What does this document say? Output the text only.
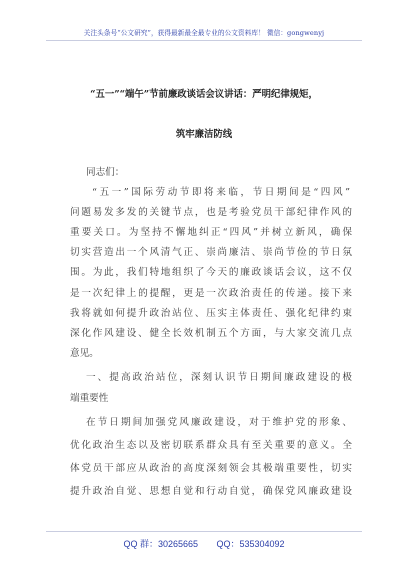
关注头条号“公文研究”，获得最新最全最专业的公文资料库！ 微信：gongwenyj
“五一”“端午”节前廉政谈话会议讲话：严明纪律规矩，
筑牢廉洁防线
同志们：
“五一”国际劳动节即将来临，节日期间是“四风”
问题易发多发的关键节点，也是考验党员干部纪律作风的
重要关口。为坚持不懈地纠正“四风”并树立新风，确保
切实营造出一个风清气正、崇尚廉洁、崇尚节俭的节日氛
围。为此，我们特地组织了今天的廉政谈话会议，这不仅
是一次纪律上的提醒，更是一次政治责任的传递。接下来
我将就如何提升政治站位、压实主体责任、强化纪律约束
深化作风建设、健全长效机制五个方面，与大家交流几点
意见。
一、提高政治站位，深刻认识节日期间廉政建设的极
端重要性
在节日期间加强党风廉政建设，对于维护党的形象、
优化政治生态以及密切联系群众具有至关重要的意义。全
体党员干部应从政治的高度深刻领会其极端重要性，切实
提升政治自觉、思想自觉和行动自觉，确保党风廉政建设
QQ 群：30265665 QQ：535304092
